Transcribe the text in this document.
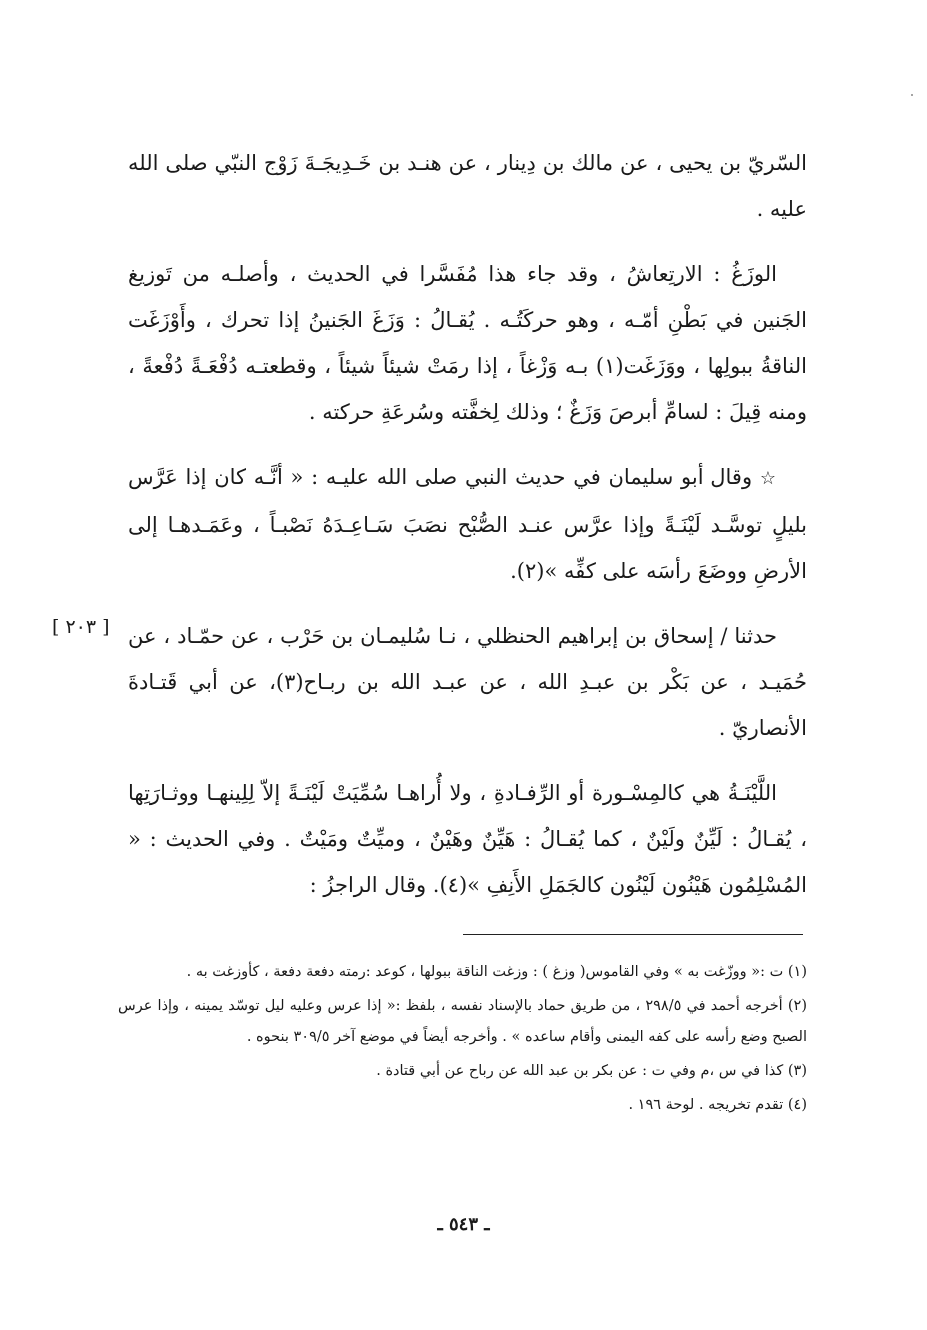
السّريّ بن يحيى ، عن مالك بن دِينار ، عن هنـد بن خَـدِيجَـةَ زَوْج النبّي صلى الله عليه .

الوزَغُ : الارتِعاشُ ، وقد جاء هذا مُفَسَّرا في الحديث ، وأصلـه من تَوزيغ الجَنين في بَطْنِ أمّـه ، وهو حركَتُـه . يُقـالُ : وَزَغَ الجَنينُ إذا تحرك ، وأَوْزَغَت الناقةُ ببولِها ، ووَزَغَت(١) بـه وَزْغاً ، إذا رمَتْ شيئاً شيئاً ، وقطعتـه دُفْعَـةً دُفْعةً ، ومنه قِيلَ : لسامِّ أبرصَ وَزَغٌ ؛ وذلك لِخفَّته وسُرعَةِ حركته .

☆ وقال أبو سليمان في حديث النبي صلى الله عليـه : « أنَّـه كان إذا عَرَّس بليلٍ توسَّـد لَيْنَـةً وإذا عرَّس عنـد الصُّبْح نصَبَ سَـاعِـدَهُ نَصْبـاً ، وعَمَـدهـا إلى الأرضِ ووضَعَ رأسَه على كفِّه »(٢).

حدثنا / إسحاق بن إبراهيم الحنظلي ، نـا سُليمـان بن حَرْب ، عن حمّـاد ، عن حُمَيـد ، عن بَكْر بن عبـدِ الله ، عن عبـد الله بن ربـاح(٣)، عن أبي قَتـادةَ الأنصاريّ .

اللَّيْنَـةُ هي كالمِسْـورة أو الرِّفـادةِ ، ولا أُراهـا سُمِّيَتْ لَيْنَـةً إلاّ لِلِينهـا ووثـارَتِها ، يُقـالُ : لَيِّنٌ ولَيْنٌ ، كما يُقـالُ : هَيِّنٌ وهَيْنٌ ، وميِّتٌ ومَيْتٌ . وفي الحديث : « المُسْلِمُون هَيْنُون لَيْنُون كالجَمَلِ الأَنِفِ »(٤). وقال الراجزُ :

[ ٢٠٣ ]

(١) ت :« ووزّغت به » وفي القاموس( وزغ ) : وزغت الناقة ببولها ، كوعد :رمته دفعة دفعة ، كأوزغت به .

(٢) أخرجه أحمد في ٢٩٨/٥ ، من طريق حماد بالإسناد نفسه ، بلفظ :« إذا عرس وعليه ليل توسّد يمينه ، وإذا عرس الصبح وضع رأسه على كفه اليمنى وأقام ساعده » . وأخرجه أيضاً في موضع آخر ٣٠٩/٥ بنحوه .

(٣) كذا في س ،م وفي ت : عن بكر بن عبد الله عن رباح عن أبي قتادة .

(٤) تقدم تخريجه . لوحة ١٩٦ .

ـ ٥٤٣ ـ
